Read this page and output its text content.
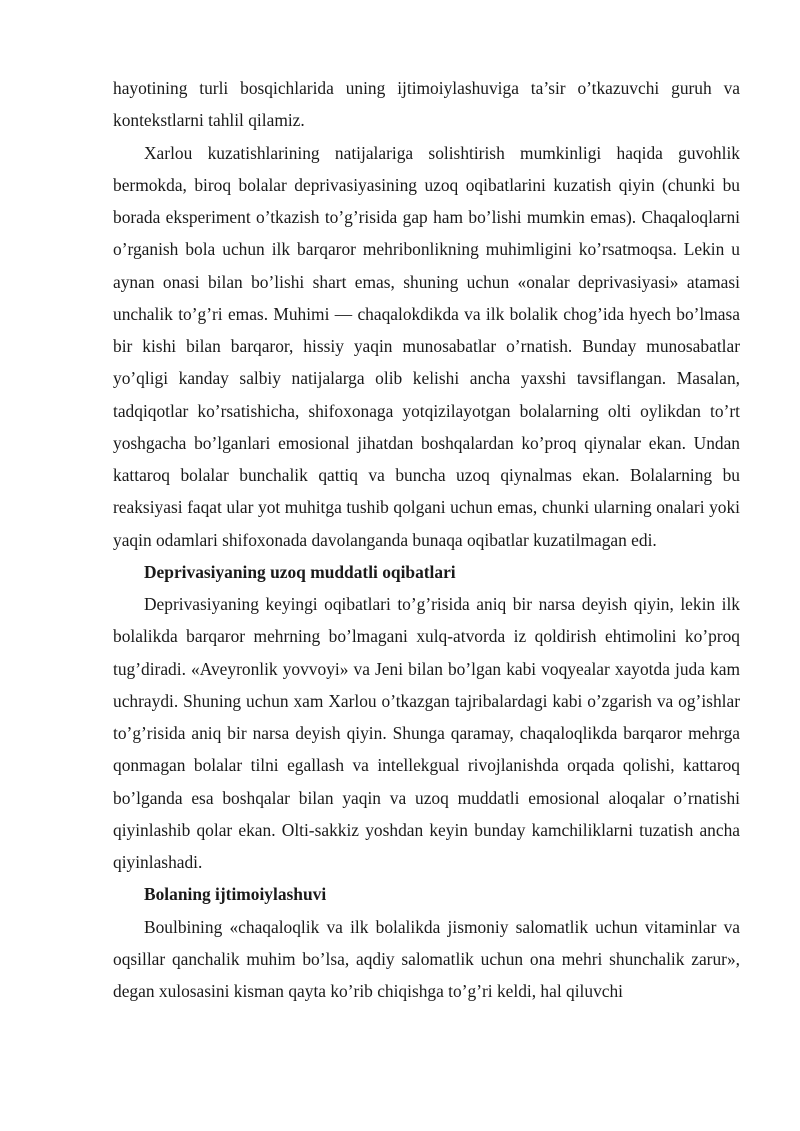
hayotining turli bosqichlarida uning ijtimoiylashuviga ta’sir o’tkazuvchi guruh va kontekstlarni tahlil qilamiz.

Xarlou kuzatishlarining natijalariga solishtirish mumkinligi haqida guvohlik bermokda, biroq bolalar deprivasiyasining uzoq oqibatlarini kuzatish qiyin (chunki bu borada eksperiment o’tkazish to’g’risida gap ham bo’lishi mumkin emas). Chaqaloqlarni o’rganish bola uchun ilk barqaror mehribonlikning muhimligini ko’rsatmoqsa. Lekin u aynan onasi bilan bo’lishi shart emas, shuning uchun «onalar deprivasiyasi» atamasi unchalik to’g’ri emas. Muhimi — chaqalokdikda va ilk bolalik chog’ida hyech bo’lmasa bir kishi bilan barqaror, hissiy yaqin munosabatlar o’rnatish. Bunday munosabatlar yo’qligi kanday salbiy natijalarga olib kelishi ancha yaxshi tavsiflangan. Masalan, tadqiqotlar ko’rsatishicha, shifoxonaga yotqizilayotgan bolalarning olti oylikdan to’rt yoshgacha bo’lganlari emosional jihatdan boshqalardan ko’proq qiynalar ekan. Undan kattaroq bolalar bunchalik qattiq va buncha uzoq qiynalmas ekan. Bolalarning bu reaksiyasi faqat ular yot muhitga tushib qolgani uchun emas, chunki ularning onalari yoki yaqin odamlari shifoxonada davolanganda bunaqa oqibatlar kuzatilmagan edi.

Deprivasiyaning uzoq muddatli oqibatlari

Deprivasiyaning keyingi oqibatlari to’g’risida aniq bir narsa deyish qiyin, lekin ilk bolalikda barqaror mehrning bo’lmagani xulq-atvorda iz qoldirish ehtimolini ko’proq tug’diradi. «Aveyronlik yovvoyi» va Jeni bilan bo’lgan kabi voqyealar xayotda juda kam uchraydi. Shuning uchun xam Xarlou o’tkazgan tajribalardagi kabi o’zgarish va og’ishlar to’g’risida aniq bir narsa deyish qiyin. Shunga qaramay, chaqaloqlikda barqaror mehrga qonmagan bolalar tilni egallash va intellekgual rivojlanishda orqada qolishi, kattaroq bo’lganda esa boshqalar bilan yaqin va uzoq muddatli emosional aloqalar o’rnatishi qiyinlashib qolar ekan. Olti-sakkiz yoshdan keyin bunday kamchiliklarni tuzatish ancha qiyinlashadi.

Bolaning ijtimoiylashuvi

Boulbining «chaqaloqlik va ilk bolalikda jismoniy salomatlik uchun vitaminlar va oqsillar qanchalik muhim bo’lsa, aqdiy salomatlik uchun ona mehri shunchalik zarur», degan xulosasini kisman qayta ko’rib chiqishga to’g’ri keldi, hal qiluvchi
